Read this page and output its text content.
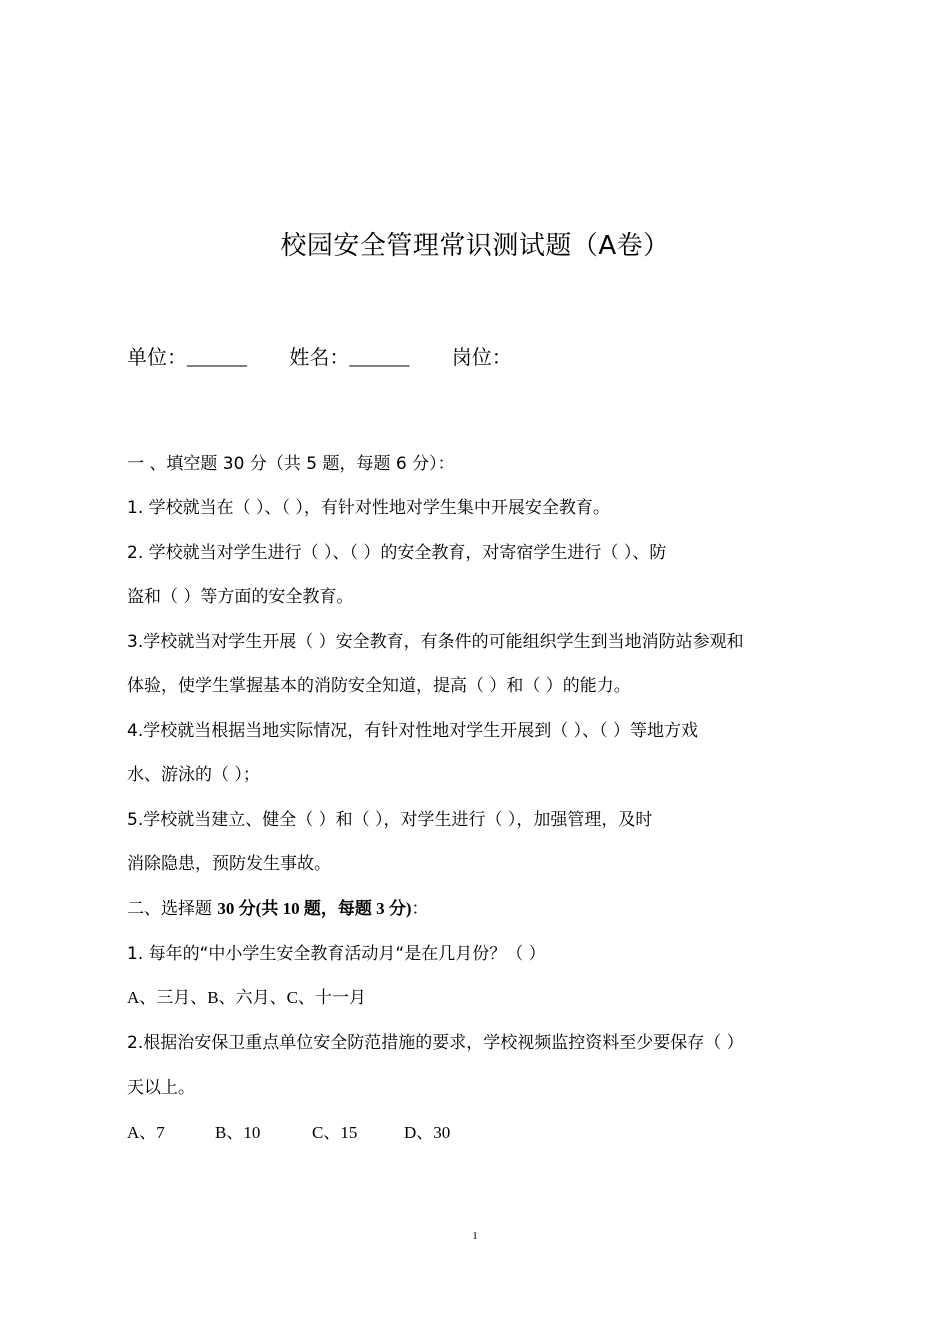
校园安全管理常识测试题（A卷）
单位：______ 姓名：______ 岗位：
一 、填空题 30 分（共 5 题，每题 6 分）：
1. 学校就当在（ ）、（ ），有针对性地对学生集中开展安全教育。
2. 学校就当对学生进行（ ）、（ ）的安全教育，对寄宿学生进行（ ）、防
盗和（ ）等方面的安全教育。
3.学校就当对学生开展（ ）安全教育，有条件的可能组织学生到当地消防站参观和
体验，使学生掌握基本的消防安全知道，提高（ ）和（ ）的能力。
4.学校就当根据当地实际情况，有针对性地对学生开展到（ ）、（ ）等地方戏
水、游泳的（ ）；
5.学校就当建立、健全（ ）和（ ），对学生进行（ ），加强管理，及时
消除隐患，预防发生事故。
二、选择题 30 分(共 10 题，每题 3 分)：
1. 每年的“中小学生安全教育活动月“是在几月份？（ ）
A、三月、B、六月、C、十一月
2.根据治安保卫重点单位安全防范措施的要求，学校视频监控资料至少要保存（ ）
天以上。
A、7	B、10	C、15	D、30
1
